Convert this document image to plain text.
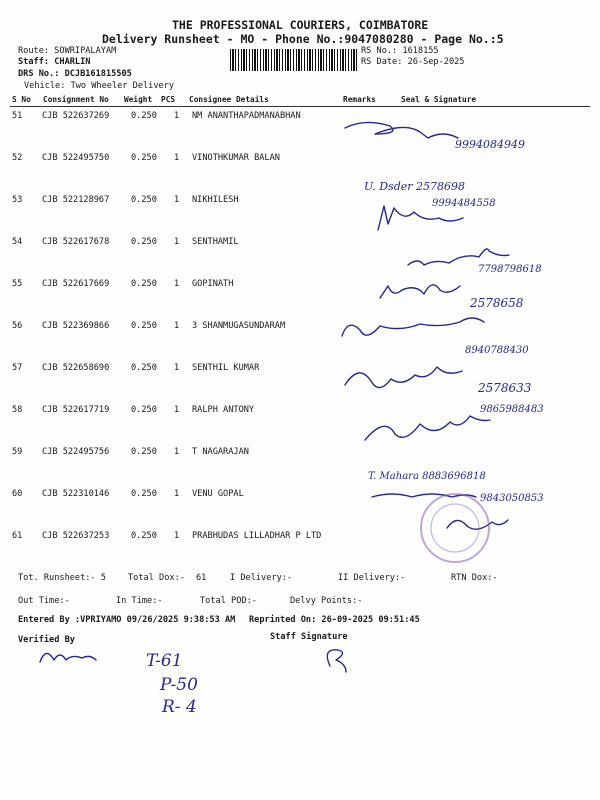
THE PROFESSIONAL COURIERS, COIMBATORE
Delivery Runsheet - MO - Phone No.:9047080280 - Page No.:5
Route: SOWRIPALAYAM
Staff: CHARLIN
DRS No.: DCJB161815505
Vehicle: Two Wheeler Delivery
RS No.: 1618155
RS Date: 26-Sep-2025
S No Consignment No Weight PCS Consignee Details	Remarks	Seal & Signature
51 CJB 522637269	0.250 1 NM ANANTHAPADMANABHAN
52 CJB 522495750	0.250 1 VINOTHKUMAR BALAN
53 CJB 522128967	0.250 1 NIKHILESH
54 CJB 522617678	0.250 1 SENTHAMIL
55 CJB 522617669	0.250 1 GOPINATH
56 CJB 522369866	0.250 1 3 SHANMUGASUNDARAM
57 CJB 522658690	0.250 1 SENTHIL KUMAR
58 CJB 522617719	0.250 1 RALPH ANTONY
59 CJB 522495756	0.250 1 T NAGARAJAN
60 CJB 522310146	0.250 1 VENU GOPAL
61 CJB 522637253	0.250 1 PRABHUDAS LILLADHAR P LTD
Tot. Runsheet:- 5	Total Dox:- 61	I Delivery:-	II Delivery:-	RTN Dox:-
Out Time:-	In Time:-	Total POD:-	Delvy Points:-
Entered By :VPRIYAMO 09/26/2025 9:38:53 AM Reprinted On: 26-09-2025 09:51:45
Staff Signature
Verified By
9994084949
U. Dsder 2578698
9994484558
7798798618
2578658
8940788430
2578633
9865988483
T. Mahara 8883696818
9843050853
T-61
P-50
R- 4
